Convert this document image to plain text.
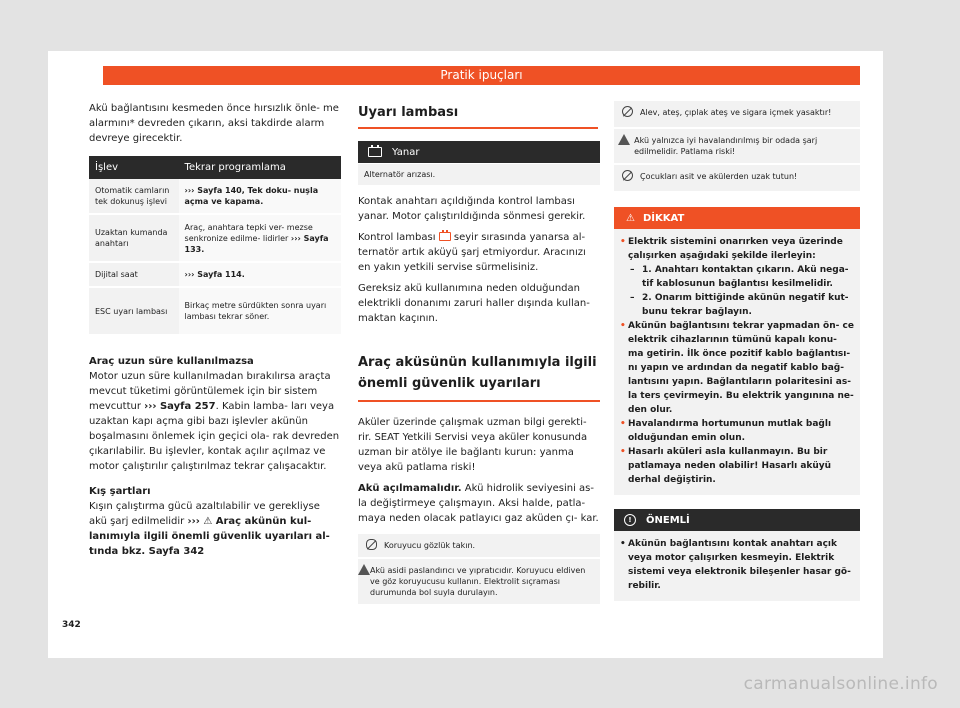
Pratik ipuçları

Akü bağlantısını kesmeden önce hırsızlık önle- me alarmını* devreden çıkarın, aksi takdirde alarm devreye girecektir.

İşlev	Tekrar programlama
Otomatik camların tek dokunuş işlevi	››› Sayfa 140, Tek doku- nuşla açma ve kapama.
Uzaktan kumanda anahtarı	Araç, anahtara tepki ver- mezse senkronize edilme- lidirler ››› Sayfa 133.
Dijital saat	››› Sayfa 114.
ESC uyarı lambası	Birkaç metre sürdükten sonra uyarı lambası tekrar söner.
Araç uzun süre kullanılmazsa

Motor uzun süre kullanılmadan bırakılırsa araçta mevcut tüketimi görüntülemek için bir sistem mevcuttur ››› Sayfa 257. Kabin lamba- ları veya uzaktan kapı açma gibi bazı işlevler akünün boşalmasını önlemek için geçici ola- rak devreden çıkarılabilir. Bu işlevler, kontak açılır açılmaz ve motor çalıştırılır çalıştırılmaz tekrar çalışacaktır.

Kış şartları

Kışın çalıştırma gücü azaltılabilir ve gerekliyse akü şarj edilmelidir ››› ⚠ Araç akünün kul- lanımıyla ilgili önemli güvenlik uyarıları al- tında bkz. Sayfa 342

342
Uyarı lambası
Yanar
Alternatör arızası.

Kontak anahtarı açıldığında kontrol lambası yanar. Motor çalıştırıldığında sönmesi gerekir.

Kontrol lambası  seyir sırasında yanarsa al- ternatör artık aküyü şarj etmiyordur. Aracınızı en yakın yetkili servise sürmelisiniz.

Gereksiz akü kullanımına neden olduğundan elektrikli donanımı zaruri haller dışında kullan- maktan kaçının.

Araç aküsünün kullanımıyla ilgili önemli güvenlik uyarıları

Aküler üzerinde çalışmak uzman bilgi gerekti- rir. SEAT Yetkili Servisi veya aküler konusunda uzman bir atölye ile bağlantı kurun: yanma veya akü patlama riski!

Akü açılmamalıdır. Akü hidrolik seviyesini as- la değiştirmeye çalışmayın. Aksi halde, patla- maya neden olacak patlayıcı gaz aküden çı- kar.

Koruyucu gözlük takın.
Akü asidi paslandırıcı ve yıpratıcıdır. Koruyucu eldiven ve göz koruyucusu kullanın. Elektrolit sıçraması durumunda bol suyla durulayın.
Alev, ateş, çıplak ateş ve sigara içmek yasaktır!
Akü yalnızca iyi havalandırılmış bir odada şarj edilmelidir. Patlama riski!
Çocukları asit ve akülerden uzak tutun!
⚠ DİKKAT
• Elektrik sistemini onarırken veya üzerinde çalışırken aşağıdaki şekilde ilerleyin:
– 1. Anahtarı kontaktan çıkarın. Akü nega- tif kablosunun bağlantısı kesilmelidir.
– 2. Onarım bittiğinde akünün negatif kut- bunu tekrar bağlayın.
• Akünün bağlantısını tekrar yapmadan ön- ce elektrik cihazlarının tümünü kapalı konu- ma getirin. İlk önce pozitif kablo bağlantısı- nı yapın ve ardından da negatif kablo bağ- lantısını yapın. Bağlantıların polaritesini as- la ters çevirmeyin. Bu elektrik yangınına ne- den olur.
• Havalandırma hortumunun mutlak bağlı olduğundan emin olun.
• Hasarlı aküleri asla kullanmayın. Bu bir patlamaya neden olabilir! Hasarlı aküyü derhal değiştirin.
!	ÖNEMLİ
• Akünün bağlantısını kontak anahtarı açık veya motor çalışırken kesmeyin. Elektrik sistemi veya elektronik bileşenler hasar gö- rebilir.
carmanualsonline.info
